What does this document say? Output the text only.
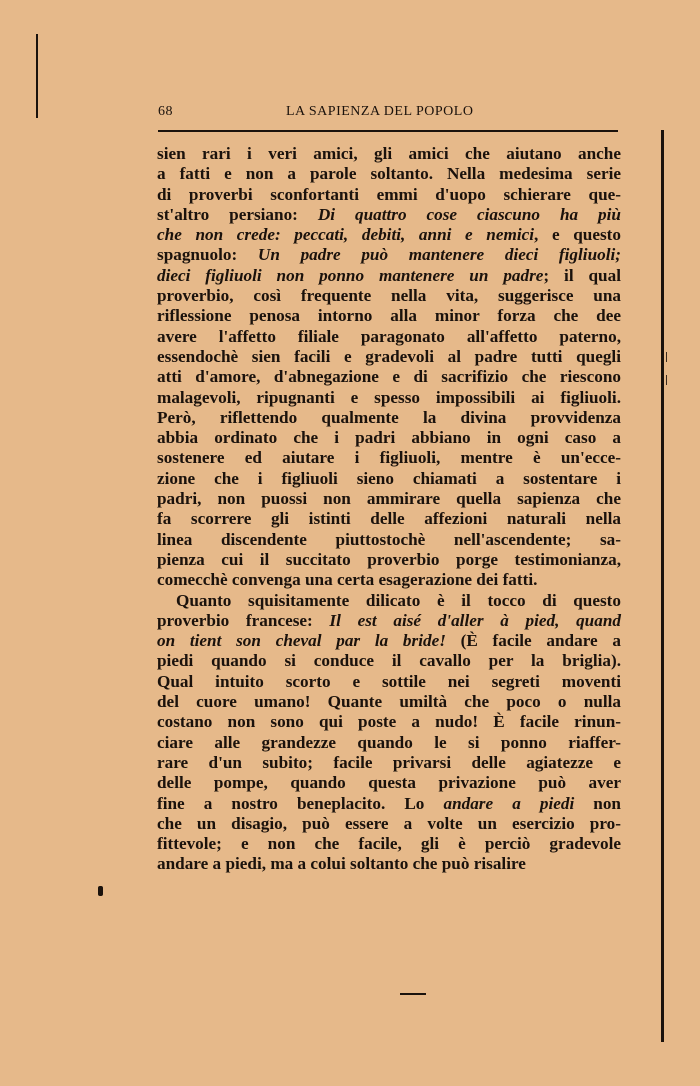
68	LA SAPIENZA DEL POPOLO
sien rari i veri amici, gli amici che aiutano anche
a fatti e non a parole soltanto. Nella medesima serie
di proverbi sconfortanti emmi d'uopo schierare que-
st'altro persiano: Di quattro cose ciascuno ha più
che non crede: peccati, debiti, anni e nemici, e questo
spagnuolo: Un padre può mantenere dieci figliuoli;
dieci figliuoli non ponno mantenere un padre; il qual
proverbio, così frequente nella vita, suggerisce una
riflessione penosa intorno alla minor forza che dee
avere l'affetto filiale paragonato all'affetto paterno,
essendochè sien facili e gradevoli al padre tutti quegli
atti d'amore, d'abnegazione e di sacrifizio che riescono
malagevoli, ripugnanti e spesso impossibili ai figliuoli.
Però, riflettendo qualmente la divina provvidenza
abbia ordinato che i padri abbiano in ogni caso a
sostenere ed aiutare i figliuoli, mentre è un'ecce-
zione che i figliuoli sieno chiamati a sostentare i
padri, non puossi non ammirare quella sapienza che
fa scorrere gli istinti delle affezioni naturali nella
linea discendente piuttostochè nell'ascendente; sa-
pienza cui il succitato proverbio porge testimonianza,
comecchè convenga una certa esagerazione dei fatti.
Quanto squisitamente dilicato è il tocco di questo
proverbio francese: Il est aisé d'aller à pied, quand
on tient son cheval par la bride! (È facile andare a
piedi quando si conduce il cavallo per la briglia).
Qual intuito scorto e sottile nei segreti moventi
del cuore umano! Quante umiltà che poco o nulla
costano non sono qui poste a nudo! È facile rinun-
ciare alle grandezze quando le si ponno riaffer-
rare d'un subito; facile privarsi delle agiatezze e
delle pompe, quando questa privazione può aver
fine a nostro beneplacito. Lo andare a piedi non
che un disagio, può essere a volte un esercizio pro-
fittevole; e non che facile, gli è perciò gradevole
andare a piedi, ma a colui soltanto che può risalire
